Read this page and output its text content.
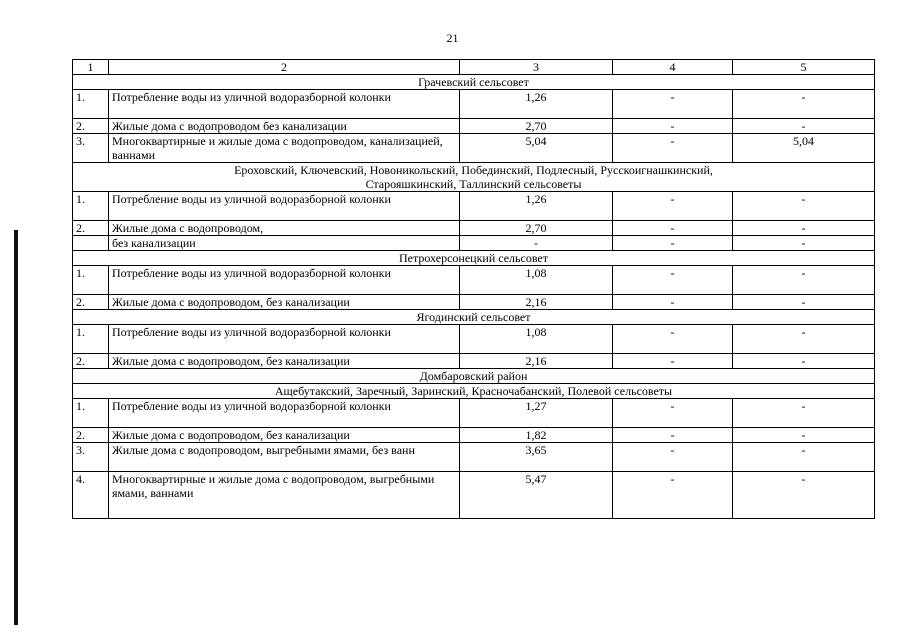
21
1	2	3	4	5
Грачевский сельсовет				
1.	Потребление воды из уличной водоразборной колонки	1,26	-	-
2.	Жилые дома с водопроводом без канализации	2,70	-	-
3.	Многоквартирные и жилые дома с водопроводом, канализацией, ваннами	5,04	-	5,04

Ероховский, Ключевский, Новоникольский, Побединский, Подлесный, Русскоигнашкинский,
Старояшкинский, Таллинский сельсоветы				

1.	Потребление воды из уличной водоразборной колонки	1,26	-	-
2.	Жилые дома с водопроводом,	2,70	-	-
	без канализации	-	-	-
Петрохерсонецкий сельсовет				
1.	Потребление воды из уличной водоразборной колонки	1,08	-	-
2.	Жилые дома с водопроводом, без канализации	2,16	-	-
Ягодинский сельсовет				
1.	Потребление воды из уличной водоразборной колонки	1,08	-	-
2.	Жилые дома с водопроводом, без канализации	2,16	-	-
Домбаровский район				
Ащебутакский, Заречный, Заринский, Красночабанский, Полевой сельсоветы				
1.	Потребление воды из уличной водоразборной колонки	1,27	-	-
2.	Жилые дома с водопроводом, без канализации	1,82	-	-
3.	Жилые дома с водопроводом, выгребными ямами, без ванн	3,65	-	-
4.	Многоквартирные и жилые дома с водопроводом, выгребными ямами, ваннами	5,47	-	-
